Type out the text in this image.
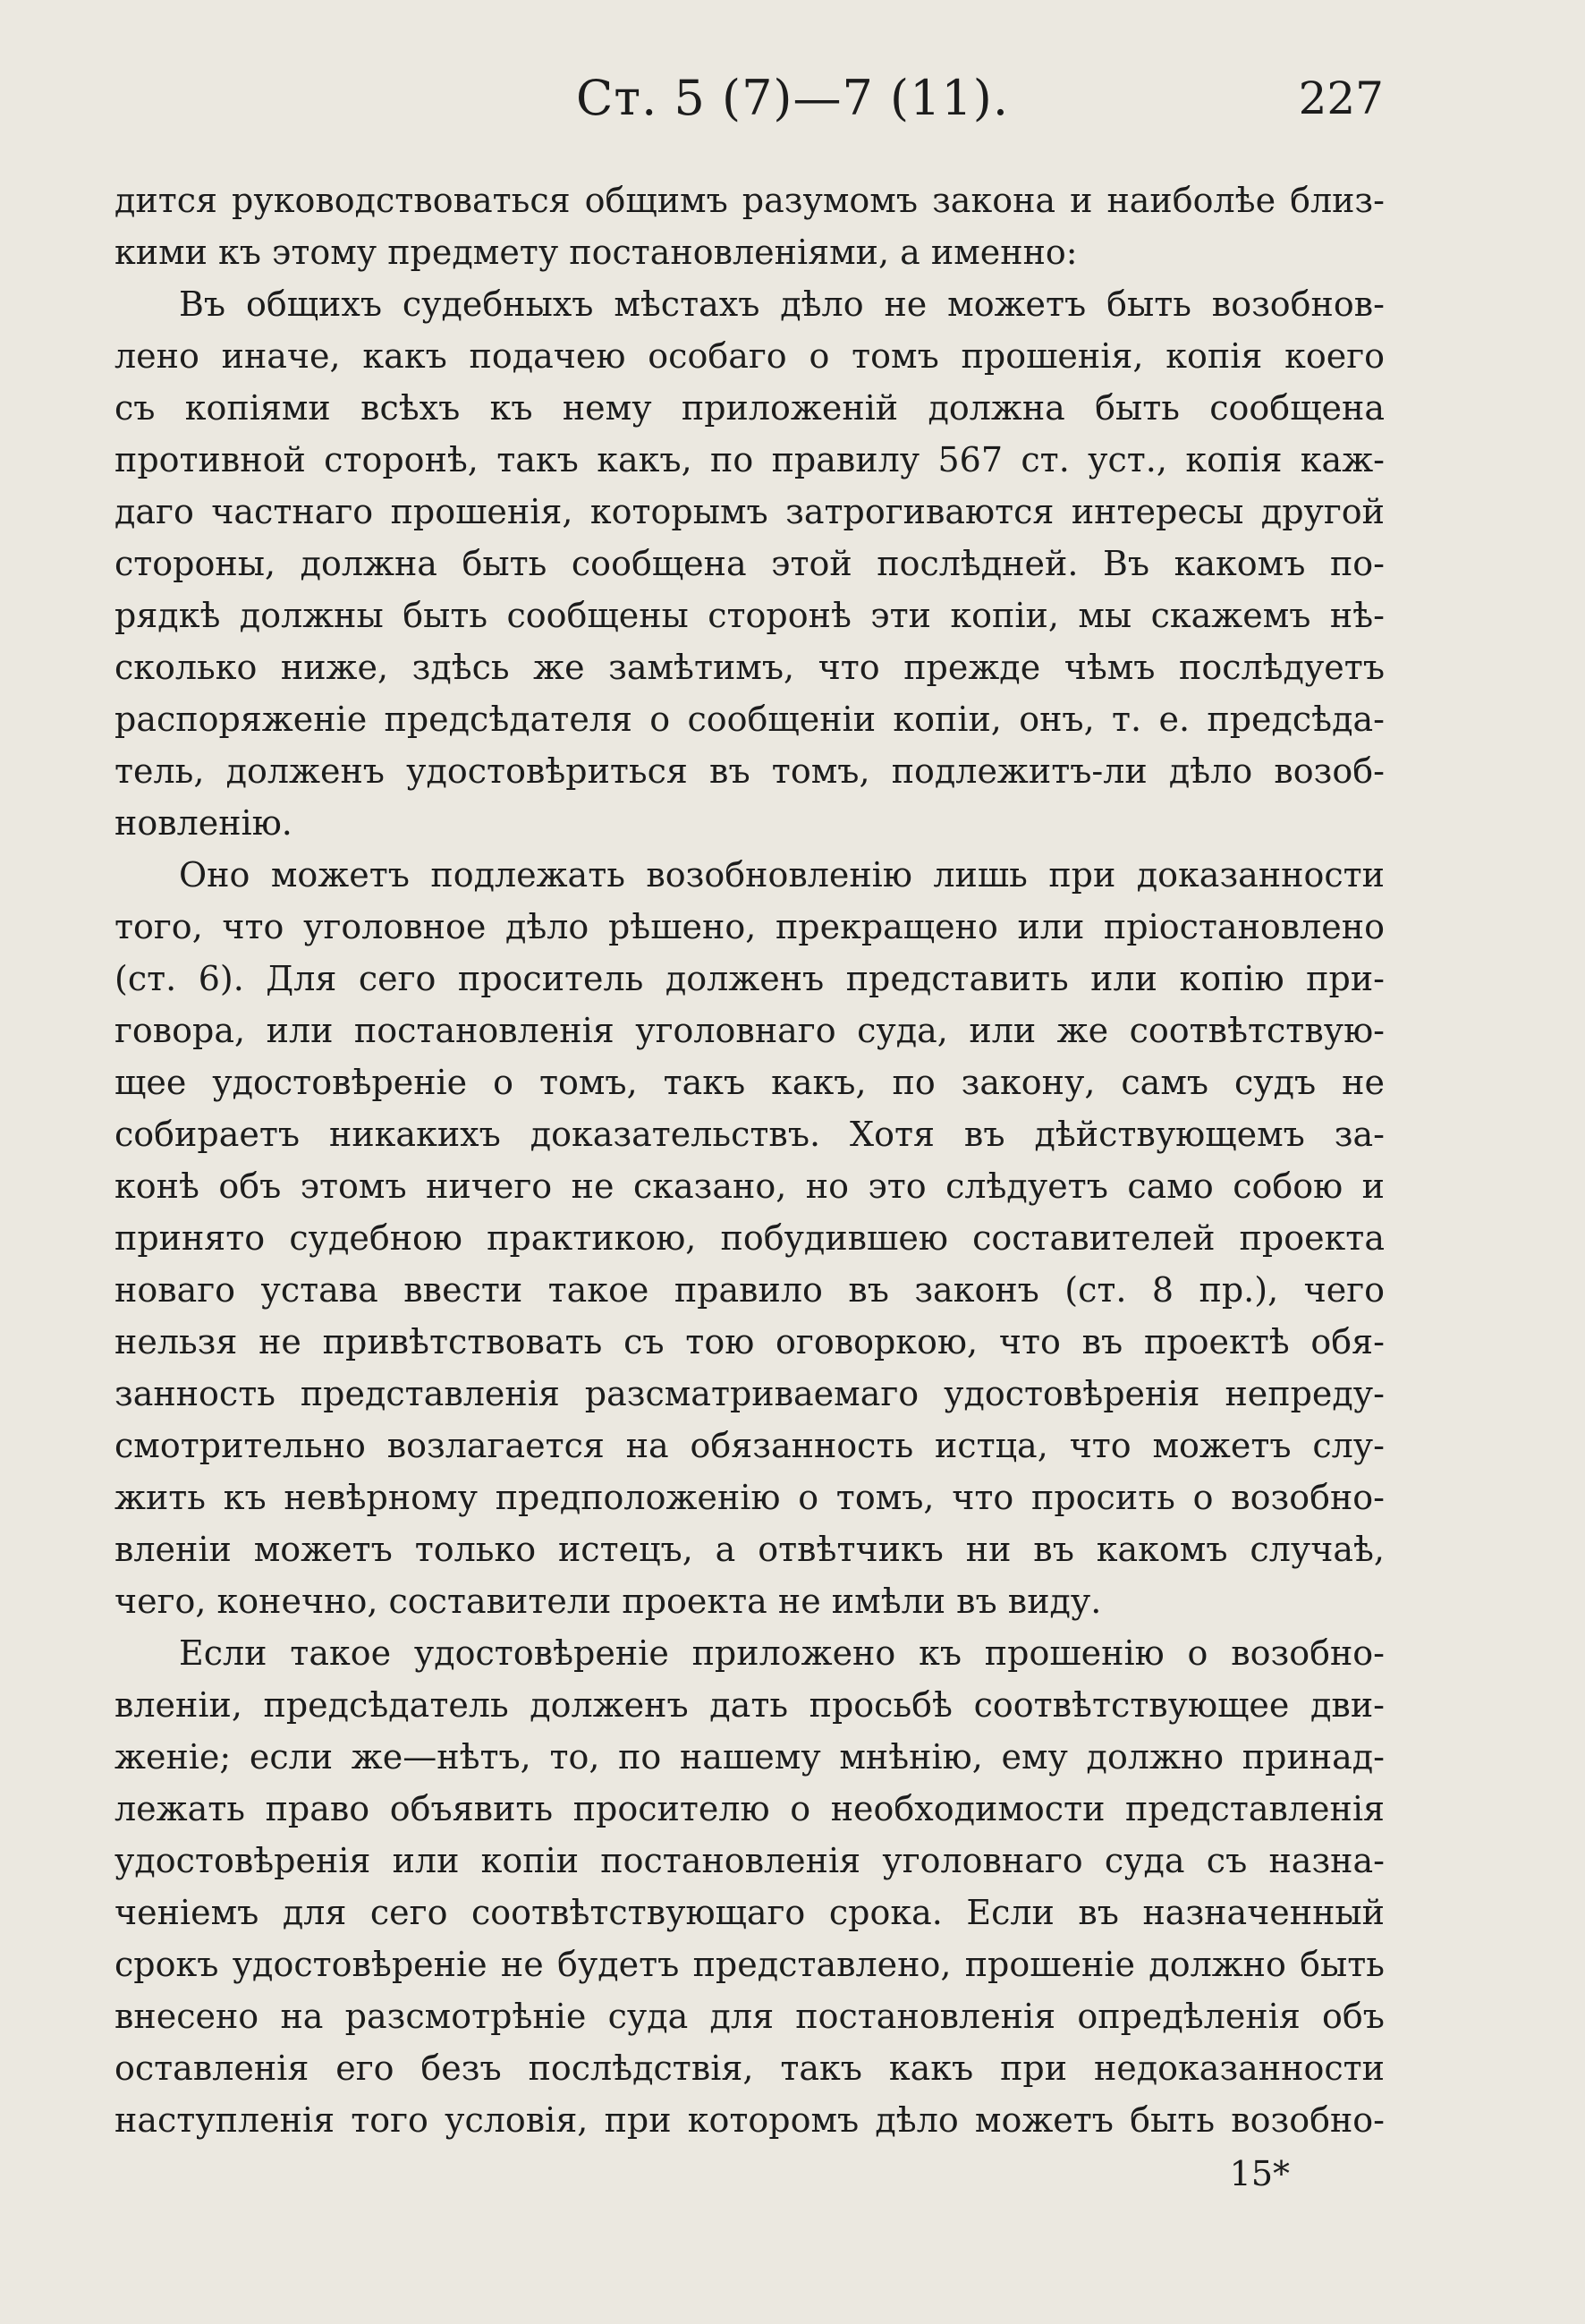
Ст. 5 (7)—7 (11).	227
дится руководствоваться общимъ разумомъ закона и наиболѣе близ-
кими къ этому предмету постановленіями, а именно:
Въ общихъ судебныхъ мѣстахъ дѣло не можетъ быть возобнов-
лено иначе, какъ подачею особаго о томъ прошенія, копія коего
съ копіями всѣхъ къ нему приложеній должна быть сообщена
противной сторонѣ, такъ какъ, по правилу 567 ст. уст., копія каж-
даго частнаго прошенія, которымъ затрогиваются интересы другой
стороны, должна быть сообщена этой послѣдней. Въ какомъ по-
рядкѣ должны быть сообщены сторонѣ эти копіи, мы скажемъ нѣ-
сколько ниже, здѣсь же замѣтимъ, что прежде чѣмъ послѣдуетъ
распоряженіе предсѣдателя о сообщеніи копіи, онъ, т. е. предсѣда-
тель, долженъ удостовѣриться въ томъ, подлежитъ-ли дѣло возоб-
новленію.
Оно можетъ подлежать возобновленію лишь при доказанности
того, что уголовное дѣло рѣшено, прекращено или пріостановлено
(ст. 6). Для сего проситель долженъ представить или копію при-
говора, или постановленія уголовнаго суда, или же соотвѣтствую-
щее удостовѣреніе о томъ, такъ какъ, по закону, самъ судъ не
собираетъ никакихъ доказательствъ. Хотя въ дѣйствующемъ за-
конѣ объ этомъ ничего не сказано, но это слѣдуетъ само собою и
принято судебною практикою, побудившею составителей проекта
новаго устава ввести такое правило въ законъ (ст. 8 пр.), чего
нельзя не привѣтствовать съ тою оговоркою, что въ проектѣ обя-
занность представленія разсматриваемаго удостовѣренія непреду-
смотрительно возлагается на обязанность истца, что можетъ слу-
жить къ невѣрному предположенію о томъ, что просить о возобно-
вленіи можетъ только истецъ, а отвѣтчикъ ни въ какомъ случаѣ,
чего, конечно, составители проекта не имѣли въ виду.
Если такое удостовѣреніе приложено къ прошенію о возобно-
вленіи, предсѣдатель долженъ дать просьбѣ соотвѣтствующее дви-
женіе; если же—нѣтъ, то, по нашему мнѣнію, ему должно принад-
лежать право объявить просителю о необходимости представленія
удостовѣренія или копіи постановленія уголовнаго суда съ назна-
ченіемъ для сего соотвѣтствующаго срока. Если въ назначенный
срокъ удостовѣреніе не будетъ представлено, прошеніе должно быть
внесено на разсмотрѣніе суда для постановленія опредѣленія объ
оставленія его безъ послѣдствія, такъ какъ при недоказанности
наступленія того условія, при которомъ дѣло можетъ быть возобно-
15*
